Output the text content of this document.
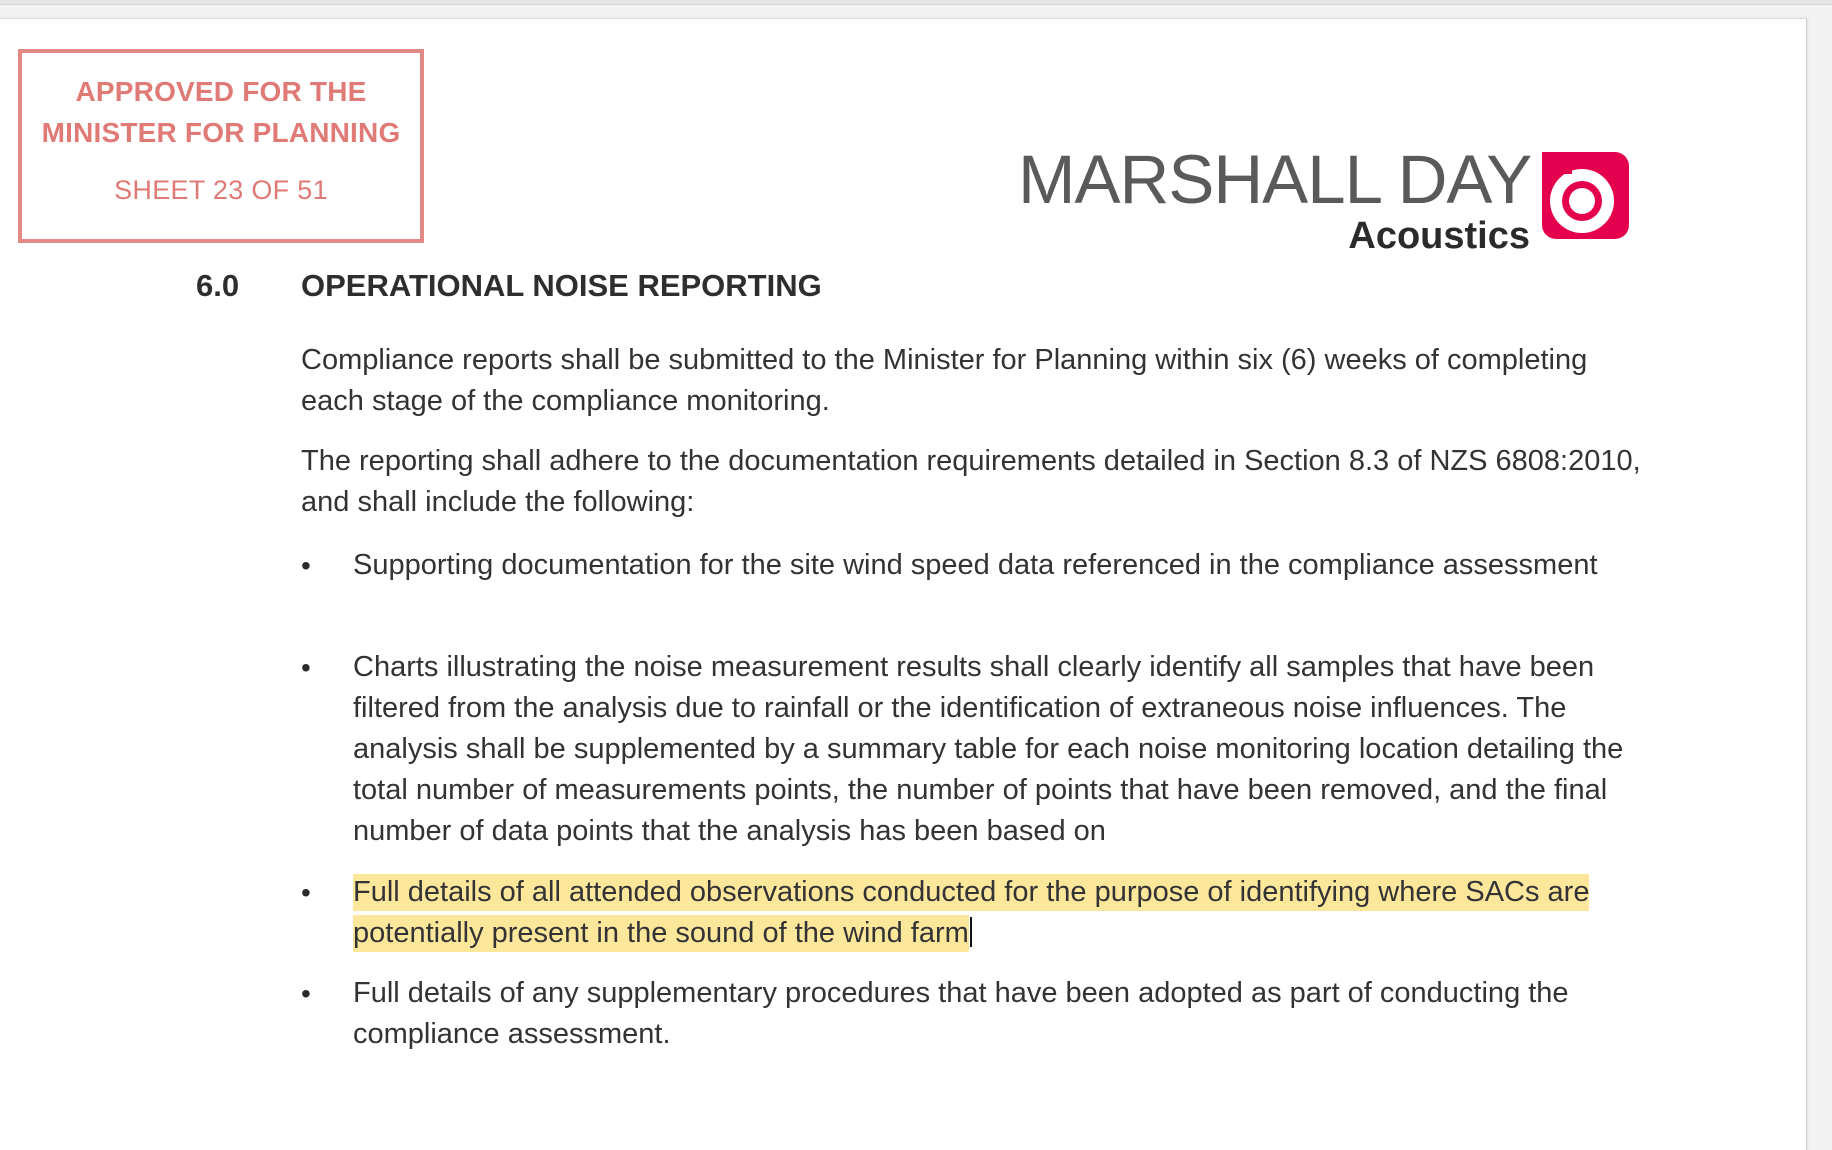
APPROVED FOR THE
MINISTER FOR PLANNING
SHEET 23 OF 51	MARSHALL DAY
Acoustics
6.0 OPERATIONAL NOISE REPORTING
Compliance reports shall be submitted to the Minister for Planning within six (6) weeks of completing each stage of the compliance monitoring.
The reporting shall adhere to the documentation requirements detailed in Section 8.3 of NZS 6808:2010, and shall include the following:
•	Supporting documentation for the site wind speed data referenced in the compliance assessment
•	Charts illustrating the noise measurement results shall clearly identify all samples that have been filtered from the analysis due to rainfall or the identification of extraneous noise influences. The analysis shall be supplemented by a summary table for each noise monitoring location detailing the total number of measurements points, the number of points that have been removed, and the final number of data points that the analysis has been based on
•	Full details of all attended observations conducted for the purpose of identifying where SACs are potentially present in the sound of the wind farm
•	Full details of any supplementary procedures that have been adopted as part of conducting the compliance assessment.
